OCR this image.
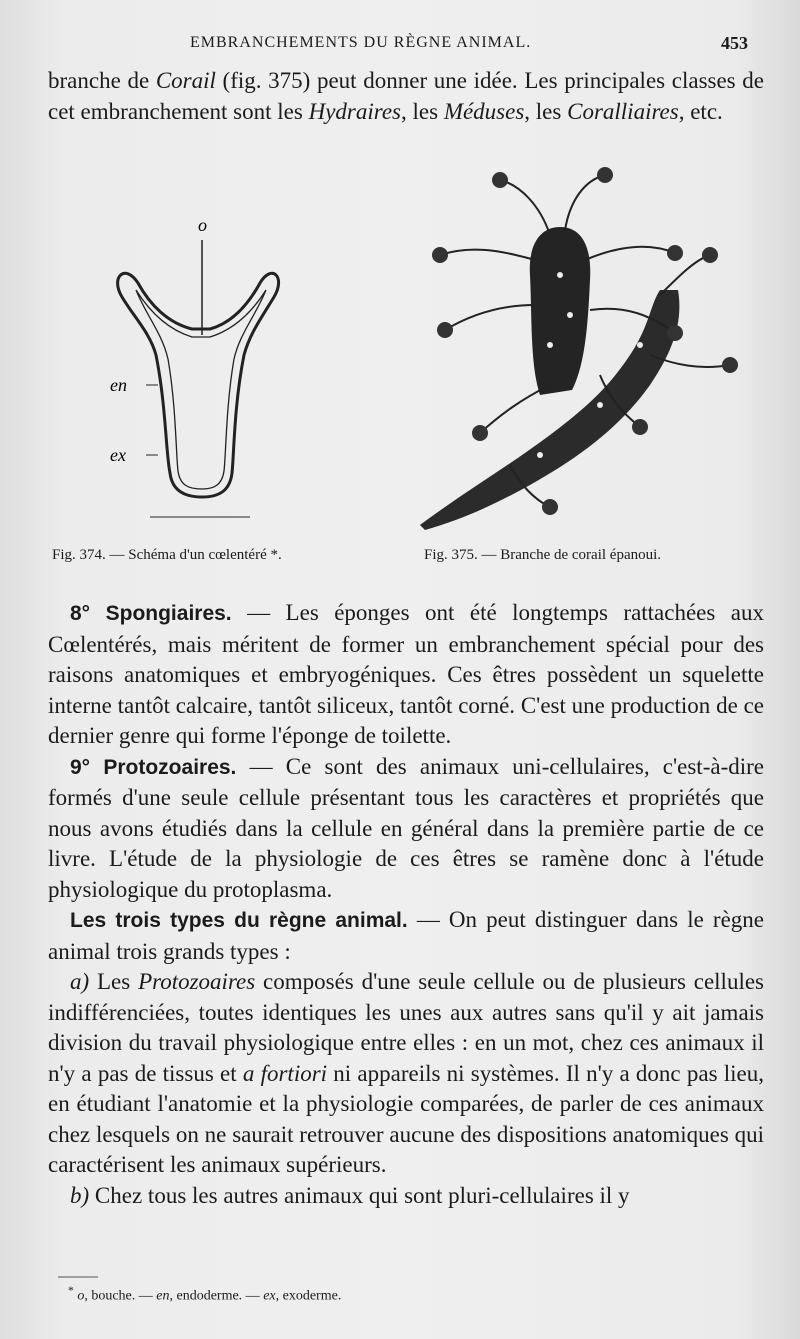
EMBRANCHEMENTS DU RÈGNE ANIMAL.	453

branche de Corail (fig. 375) peut donner une idée. Les principales classes de cet embranchement sont les Hydraires, les Méduses, les Coralliaires, etc.

o
en
ex
Fig. 374. — Schéma d'un cœlentéré *.	Fig. 375. — Branche de corail épanoui.

8° Spongiaires. — Les éponges ont été longtemps rattachées aux Cœlentérés, mais méritent de former un embranchement spécial pour des raisons anatomiques et embryogéniques. Ces êtres possèdent un squelette interne tantôt calcaire, tantôt siliceux, tantôt corné. C'est une production de ce dernier genre qui forme l'éponge de toilette.

9° Protozoaires. — Ce sont des animaux uni-cellulaires, c'est-à-dire formés d'une seule cellule présentant tous les caractères et propriétés que nous avons étudiés dans la cellule en général dans la première partie de ce livre. L'étude de la physiologie de ces êtres se ramène donc à l'étude physiologique du protoplasma.

Les trois types du règne animal. — On peut distinguer dans le règne animal trois grands types :

a) Les Protozoaires composés d'une seule cellule ou de plusieurs cellules indifférenciées, toutes identiques les unes aux autres sans qu'il y ait jamais division du travail physiologique entre elles : en un mot, chez ces animaux il n'y a pas de tissus et a fortiori ni appareils ni systèmes. Il n'y a donc pas lieu, en étudiant l'anatomie et la physiologie comparées, de parler de ces animaux chez lesquels on ne saurait retrouver aucune des dispositions anatomiques qui caractérisent les animaux supérieurs.

b) Chez tous les autres animaux qui sont pluri-cellulaires il y

* o, bouche. — en, endoderme. — ex, exoderme.
